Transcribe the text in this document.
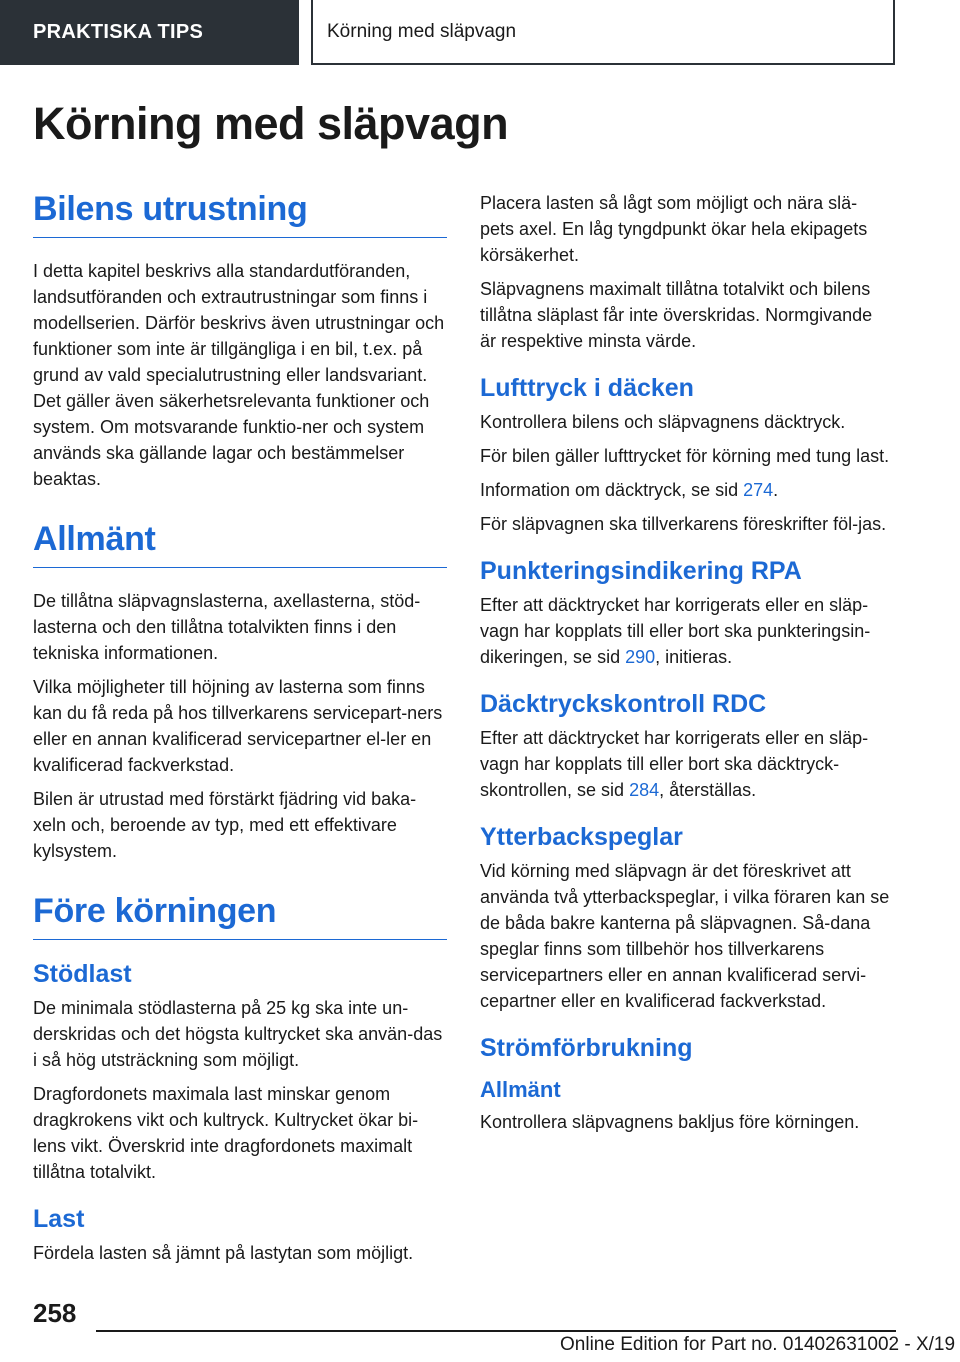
PRAKTISKA TIPS	Körning med släpvagn
Körning med släpvagn
Bilens utrustning

I detta kapitel beskrivs alla standardutföranden, landsutföranden och extrautrustningar som finns i modellserien. Därför beskrivs även utrustningar och funktioner som inte är tillgängliga i en bil, t.ex. på grund av vald specialutrustning eller landsvariant. Det gäller även säkerhetsrelevanta funktioner och system. Om motsvarande funktio-ner och system används ska gällande lagar och bestämmelser beaktas.

Allmänt

De tillåtna släpvagnslasterna, axellasterna, stöd-lasterna och den tillåtna totalvikten finns i den tekniska informationen.

Vilka möjligheter till höjning av lasterna som finns kan du få reda på hos tillverkarens servicepart-ners eller en annan kvalificerad servicepartner el-ler en kvalificerad fackverkstad.

Bilen är utrustad med förstärkt fjädring vid baka-xeln och, beroende av typ, med ett effektivare kylsystem.

Före körningen
Stödlast

De minimala stödlasterna på 25 kg ska inte un-derskridas och det högsta kultrycket ska använ-das i så hög utsträckning som möjligt.

Dragfordonets maximala last minskar genom dragkrokens vikt och kultryck. Kultrycket ökar bi-lens vikt. Överskrid inte dragfordonets maximalt tillåtna totalvikt.

Last

Fördela lasten så jämnt på lastytan som möjligt.

Placera lasten så lågt som möjligt och nära slä-pets axel. En låg tyngdpunkt ökar hela ekipagets körsäkerhet.

Släpvagnens maximalt tillåtna totalvikt och bilens tillåtna släplast får inte överskridas. Normgivande är respektive minsta värde.

Lufttryck i däcken

Kontrollera bilens och släpvagnens däcktryck.

För bilen gäller lufttrycket för körning med tung last.

Information om däcktryck, se sid 274.

För släpvagnen ska tillverkarens föreskrifter föl-jas.

Punkteringsindikering RPA

Efter att däcktrycket har korrigerats eller en släp-vagn har kopplats till eller bort ska punkteringsin-dikeringen, se sid 290, initieras.

Däcktryckskontroll RDC

Efter att däcktrycket har korrigerats eller en släp-vagn har kopplats till eller bort ska däcktryck-skontrollen, se sid 284, återställas.

Ytterbackspeglar

Vid körning med släpvagn är det föreskrivet att använda två ytterbackspeglar, i vilka föraren kan se de båda bakre kanterna på släpvagnen. Så-dana speglar finns som tillbehör hos tillverkarens servicepartners eller en annan kvalificerad servi-cepartner eller en kvalificerad fackverkstad.

Strömförbrukning
Allmänt

Kontrollera släpvagnens bakljus före körningen.

258
Online Edition for Part no. 01402631002 - X/19
